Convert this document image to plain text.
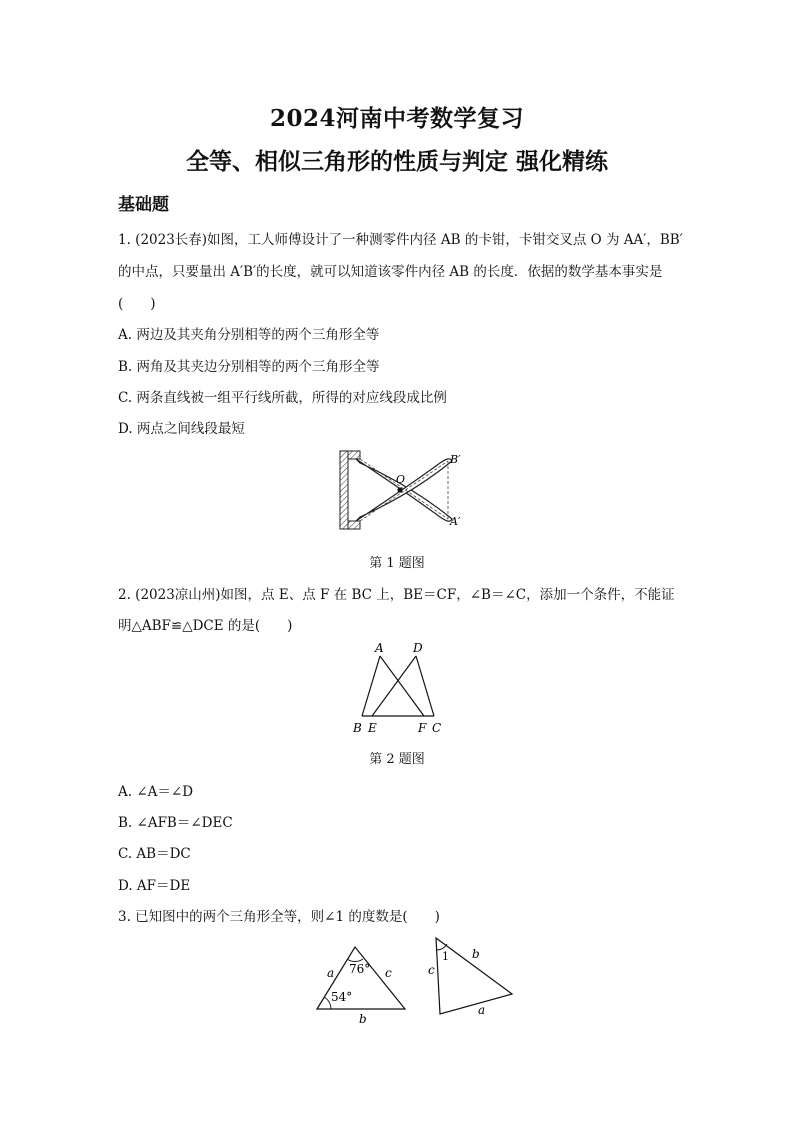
2024河南中考数学复习
全等、相似三角形的性质与判定 强化精练
基础题
1. (2023长春)如图，工人师傅设计了一种测零件内径 AB 的卡钳，卡钳交叉点 O 为 AA′，BB′
的中点，只要量出 A′B′的长度，就可以知道该零件内径 AB 的长度．依据的数学基本事实是
(　　)
A. 两边及其夹角分别相等的两个三角形全等
B. 两角及其夹边分别相等的两个三角形全等
C. 两条直线被一组平行线所截，所得的对应线段成比例
D. 两点之间线段最短
O
B′
A′
第 1 题图
2. (2023凉山州)如图，点 E、点 F 在 BC 上，BE＝CF，∠B＝∠C，添加一个条件，不能证
明△ABF≌△DCE 的是(　　)
A D
B E	F C
第 2 题图
A. ∠A＝∠D
B. ∠AFB＝∠DEC
C. AB＝DC
D. AF＝DE
3. 已知图中的两个三角形全等，则∠1 的度数是(　　)
76°
54°
a	c
b
1
c
b
a
